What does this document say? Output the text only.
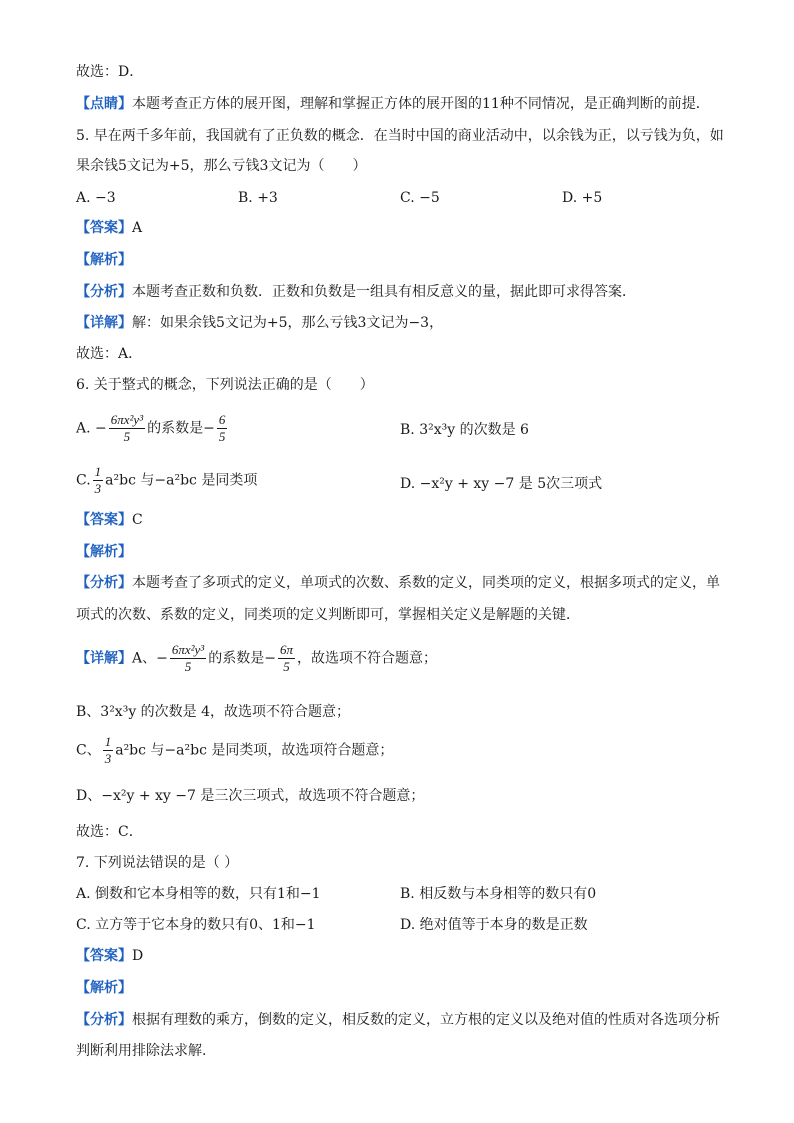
故选：D．
【点睛】本题考查正方体的展开图，理解和掌握正方体的展开图的11种不同情况，是正确判断的前提．
5. 早在两千多年前，我国就有了正负数的概念．在当时中国的商业活动中，以余钱为正，以亏钱为负，如
果余钱5文记为+5，那么亏钱3文记为（　　）
A. −3	B. +3	C. −5	D. +5
【答案】A
【解析】
【分析】本题考查正数和负数．正数和负数是一组具有相反意义的量，据此即可求得答案．
【详解】解：如果余钱5文记为+5，那么亏钱3文记为−3，
故选：A．
6. 关于整式的概念，下列说法正确的是（　　）
A. − $\frac{\text{6πx²y³}}{5}$ 的系数是− $\frac{6}{5}$	B. 3²x³y 的次数是 6
C. $\frac{1}{3} a^2bc$ 与−a²bc 是同类项	D. −x²y + xy −7 是 5次三项式
【答案】C
【解析】
【分析】本题考查了多项式的定义，单项式的次数、系数的定义，同类项的定义，根据多项式的定义，单
项式的次数、系数的定义，同类项的定义判断即可，掌握相关定义是解题的关键．
【详解】A、− $\frac{\text{6πx²y³}}{5}$ 的系数是− $\frac{6\pi}{5}$ ，故选项不符合题意；
B、3²x³y 的次数是 4，故选项不符合题意；
C、 $\frac{1}{3} a^2bc$ 与−a²bc 是同类项，故选项符合题意；
D、−x²y + xy −7 是三次三项式，故选项不符合题意；
故选：C．
7. 下列说法错误的是（ ）
A. 倒数和它本身相等的数，只有1和−1	B. 相反数与本身相等的数只有0
C. 立方等于它本身的数只有0、1和−1	D. 绝对值等于本身的数是正数
【答案】D
【解析】
【分析】根据有理数的乘方，倒数的定义，相反数的定义，立方根的定义以及绝对值的性质对各选项分析
判断利用排除法求解.
